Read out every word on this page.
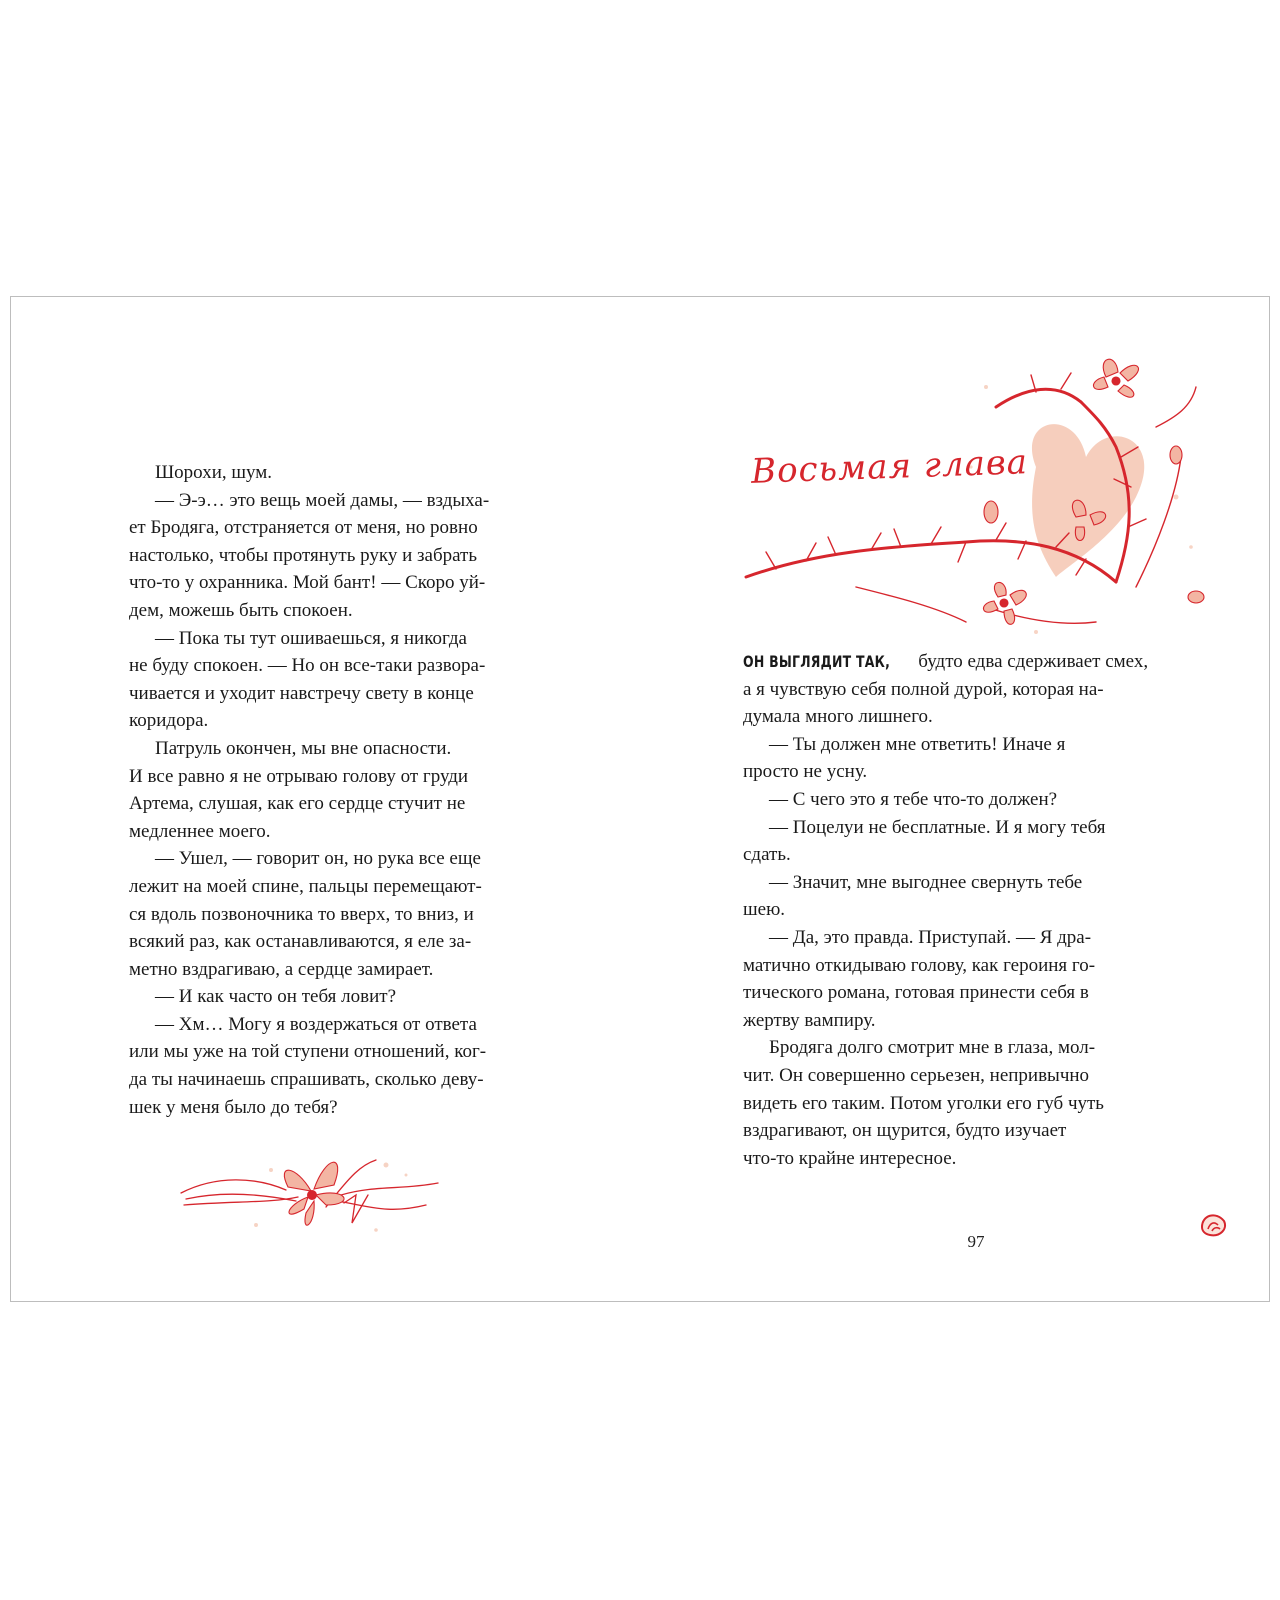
Шорохи, шум.

— Э-э… это вещь моей дамы, — вздыха-
ет Бродяга, отстраняется от меня, но ровно
настолько, чтобы протянуть руку и забрать
что-то у охранника. Мой бант! — Скоро уй-
дем, можешь быть спокоен.

— Пока ты тут ошиваешься, я никогда
не буду спокоен. — Но он все-таки развора-
чивается и уходит навстречу свету в конце
коридора.

Патруль окончен, мы вне опасности.
И все равно я не отрываю голову от груди
Артема, слушая, как его сердце стучит не
медленнее моего.

— Ушел, — говорит он, но рука все еще
лежит на моей спине, пальцы перемещают-
ся вдоль позвоночника то вверх, то вниз, и
всякий раз, как останавливаются, я еле за-
метно вздрагиваю, а сердце замирает.

— И как часто он тебя ловит?

— Хм… Могу я воздержаться от ответа
или мы уже на той ступени отношений, ког-
да ты начинаешь спрашивать, сколько деву-
шек у меня было до тебя?

Восьмая глава

ОН ВЫГЛЯДИТ ТАК, будто едва сдерживает смех,
а я чувствую себя полной дурой, которая на-
думала много лишнего.

— Ты должен мне ответить! Иначе я
просто не усну.

— С чего это я тебе что-то должен?

— Поцелуи не бесплатные. И я могу тебя
сдать.

— Значит, мне выгоднее свернуть тебе
шею.

— Да, это правда. Приступай. — Я дра-
матично откидываю голову, как героиня го-
тического романа, готовая принести себя в
жертву вампиру.

Бродяга долго смотрит мне в глаза, мол-
чит. Он совершенно серьезен, непривычно
видеть его таким. Потом уголки его губ чуть
вздрагивают, он щурится, будто изучает
что-то крайне интересное.

97
